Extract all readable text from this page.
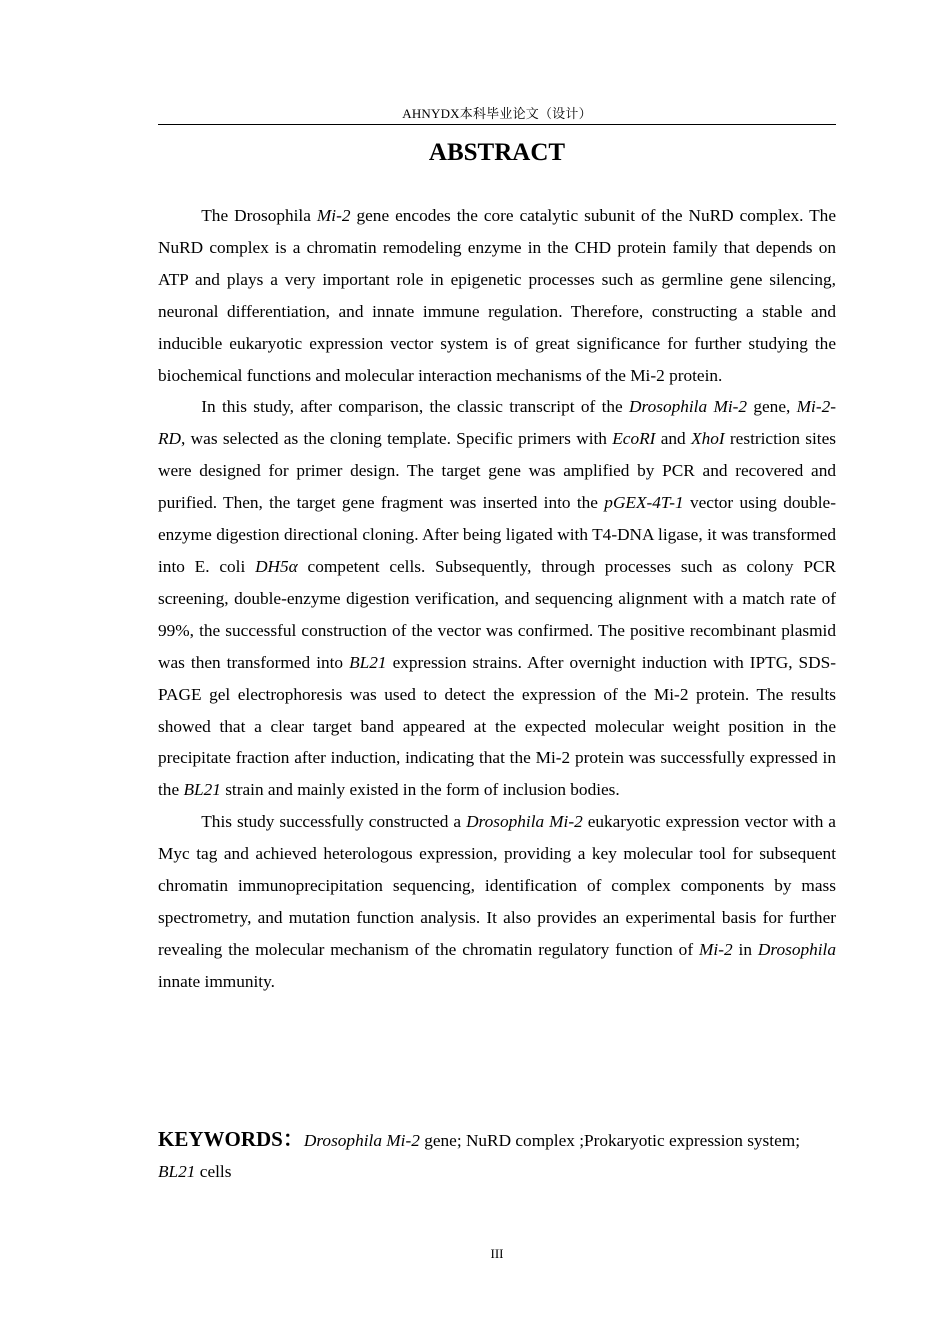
AHNYDX本科毕业论文（设计）
ABSTRACT

The Drosophila Mi-2 gene encodes the core catalytic subunit of the NuRD complex. The NuRD complex is a chromatin remodeling enzyme in the CHD protein family that depends on ATP and plays a very important role in epigenetic processes such as germline gene silencing, neuronal differentiation, and innate immune regulation. Therefore, constructing a stable and inducible eukaryotic expression vector system is of great significance for further studying the biochemical functions and molecular interaction mechanisms of the Mi-2 protein.

In this study, after comparison, the classic transcript of the Drosophila Mi-2 gene, Mi-2-RD, was selected as the cloning template. Specific primers with EcoRI and XhoI restriction sites were designed for primer design. The target gene was amplified by PCR and recovered and purified. Then, the target gene fragment was inserted into the pGEX-4T-1 vector using double-enzyme digestion directional cloning. After being ligated with T4-DNA ligase, it was transformed into E. coli DH5α competent cells. Subsequently, through processes such as colony PCR screening, double-enzyme digestion verification, and sequencing alignment with a match rate of 99%, the successful construction of the vector was confirmed. The positive recombinant plasmid was then transformed into BL21 expression strains. After overnight induction with IPTG, SDS-PAGE gel electrophoresis was used to detect the expression of the Mi-2 protein. The results showed that a clear target band appeared at the expected molecular weight position in the precipitate fraction after induction, indicating that the Mi-2 protein was successfully expressed in the BL21 strain and mainly existed in the form of inclusion bodies.

This study successfully constructed a Drosophila Mi-2 eukaryotic expression vector with a Myc tag and achieved heterologous expression, providing a key molecular tool for subsequent chromatin immunoprecipitation sequencing, identification of complex components by mass spectrometry, and mutation function analysis. It also provides an experimental basis for further revealing the molecular mechanism of the chromatin regulatory function of Mi-2 in Drosophila innate immunity.

KEYWORDS：Drosophila Mi-2 gene; NuRD complex ;Prokaryotic expression system; BL21 cells

III
